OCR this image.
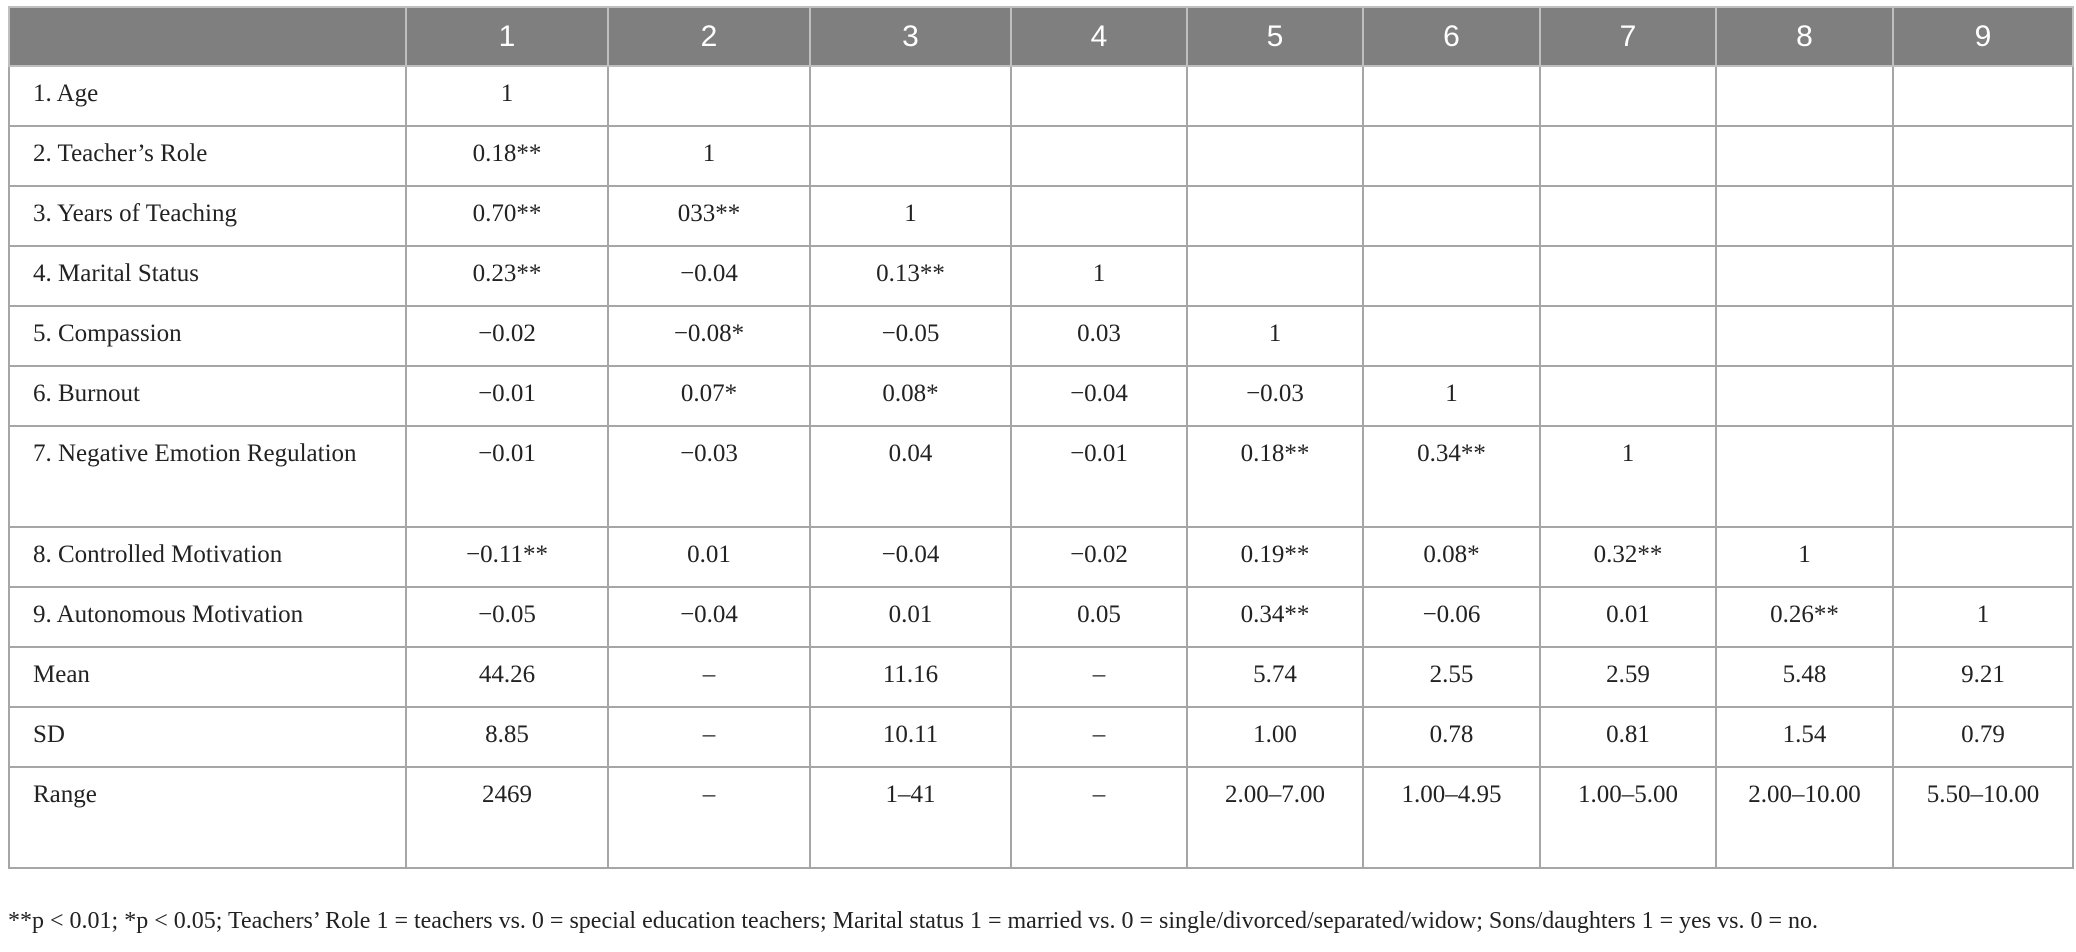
	1	2	3	4	5	6	7	8	9
1. Age	1								
2. Teacher’s Role	0.18**	1							
3. Years of Teaching	0.70**	033**	1						
4. Marital Status	0.23**	−0.04	0.13**	1					
5. Compassion	−0.02	−0.08*	−0.05	0.03	1				
6. Burnout	−0.01	0.07*	0.08*	−0.04	−0.03	1			
7. Negative Emotion Regulation	−0.01	−0.03	0.04	−0.01	0.18**	0.34**	1		
8. Controlled Motivation	−0.11**	0.01	−0.04	−0.02	0.19**	0.08*	0.32**	1	
9. Autonomous Motivation	−0.05	−0.04	0.01	0.05	0.34**	−0.06	0.01	0.26**	1
Mean	44.26	–	11.16	–	5.74	2.55	2.59	5.48	9.21
SD	8.85	–	10.11	–	1.00	0.78	0.81	1.54	0.79
Range	2469	–	1–41	–	2.00–7.00	1.00–4.95	1.00–5.00	2.00–10.00	5.50–10.00
**p < 0.01; *p < 0.05; Teachers’ Role 1 = teachers vs. 0 = special education teachers; Marital status 1 = married vs. 0 = single/divorced/separated/widow; Sons/daughters 1 = yes vs. 0 = no.
